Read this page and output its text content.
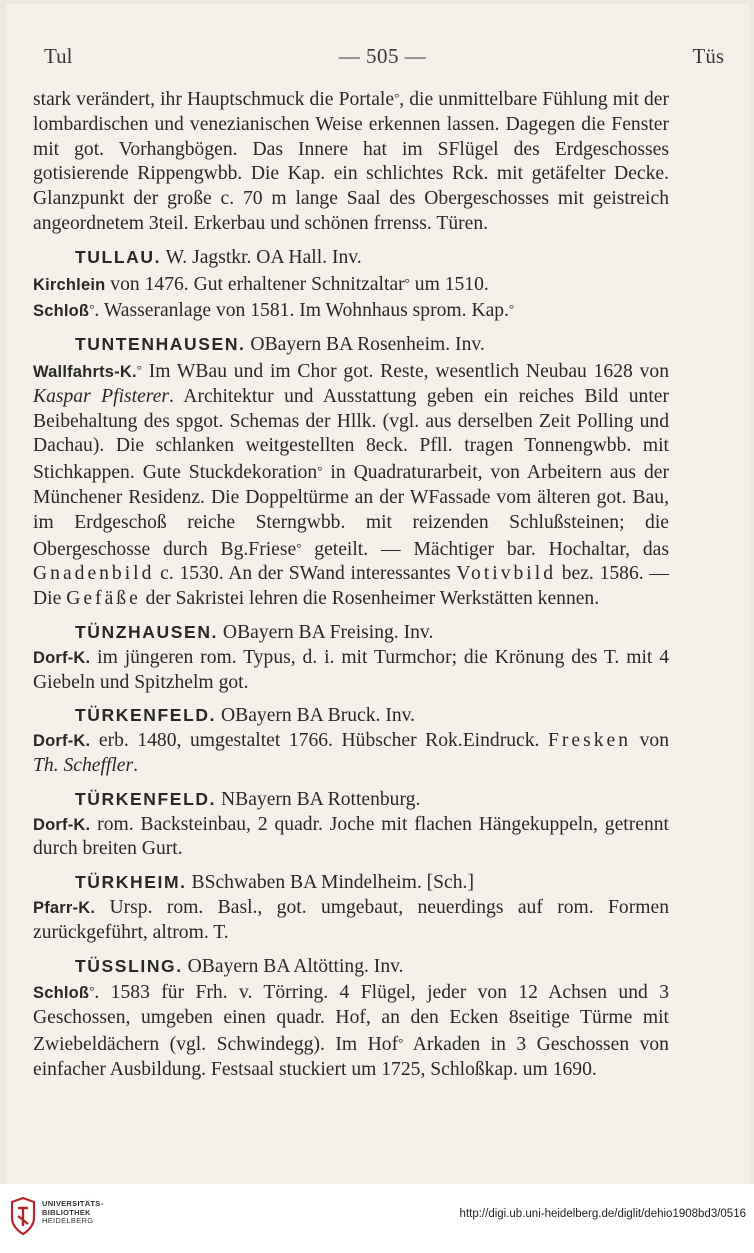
Tul	— 505 —	Tüs

stark verändert, ihr Hauptschmuck die Portale°, die unmittelbare Fühlung mit der lombardischen und venezianischen Weise erkennen lassen. Dagegen die Fenster mit got. Vorhangbögen. Das Innere hat im SFlügel des Erdgeschosses gotisierende Rippengwbb. Die Kap. ein schlichtes Rck. mit getäfelter Decke. Glanzpunkt der große c. 70 m lange Saal des Obergeschosses mit geistreich angeordnetem 3teil. Erkerbau und schönen frrenss. Türen.

TULLAU. W. Jagstkr. OA Hall. Inv.

Kirchlein von 1476. Gut erhaltener Schnitzaltar° um 1510.
Schloß°. Wasseranlage von 1581. Im Wohnhaus sprom. Kap.°

TUNTENHAUSEN. OBayern BA Rosenheim. Inv.

Wallfahrts-K.° Im WBau und im Chor got. Reste, wesentlich Neubau 1628 von Kaspar Pfisterer. Architektur und Ausstattung geben ein reiches Bild unter Beibehaltung des spgot. Schemas der Hllk. (vgl. aus derselben Zeit Polling und Dachau). Die schlanken weitgestellten 8eck. Pfll. tragen Tonnengwbb. mit Stichkappen. Gute Stuckdekoration° in Quadraturarbeit, von Arbeitern aus der Münchener Residenz. Die Doppeltürme an der WFassade vom älteren got. Bau, im Erdgeschoß reiche Sterngwbb. mit reizenden Schlußsteinen; die Obergeschosse durch Bg.Friese° geteilt. — Mächtiger bar. Hochaltar, das Gnadenbild c. 1530. An der SWand interessantes Votivbild bez. 1586. — Die Gefäße der Sakristei lehren die Rosenheimer Werkstätten kennen.

TÜNZHAUSEN. OBayern BA Freising. Inv.

Dorf-K. im jüngeren rom. Typus, d. i. mit Turmchor; die Krönung des T. mit 4 Giebeln und Spitzhelm got.

TÜRKENFELD. OBayern BA Bruck. Inv.

Dorf-K. erb. 1480, umgestaltet 1766. Hübscher Rok.Eindruck. Fresken von Th. Scheffler.

TÜRKENFELD. NBayern BA Rottenburg.

Dorf-K. rom. Backsteinbau, 2 quadr. Joche mit flachen Hängekuppeln, getrennt durch breiten Gurt.

TÜRKHEIM. BSchwaben BA Mindelheim. [Sch.]

Pfarr-K. Ursp. rom. Basl., got. umgebaut, neuerdings auf rom. Formen zurückgeführt, altrom. T.

TÜSSLING. OBayern BA Altötting. Inv.

Schloß°. 1583 für Frh. v. Törring. 4 Flügel, jeder von 12 Achsen und 3 Geschossen, umgeben einen quadr. Hof, an den Ecken 8seitige Türme mit Zwiebeldächern (vgl. Schwindegg). Im Hof° Arkaden in 3 Geschossen von einfacher Ausbildung. Festsaal stuckiert um 1725, Schloßkap. um 1690.

UNIVERSITÄTS-
BIBLIOTHEK
HEIDELBERG
http://digi.ub.uni-heidelberg.de/diglit/dehio1908bd3/0516
